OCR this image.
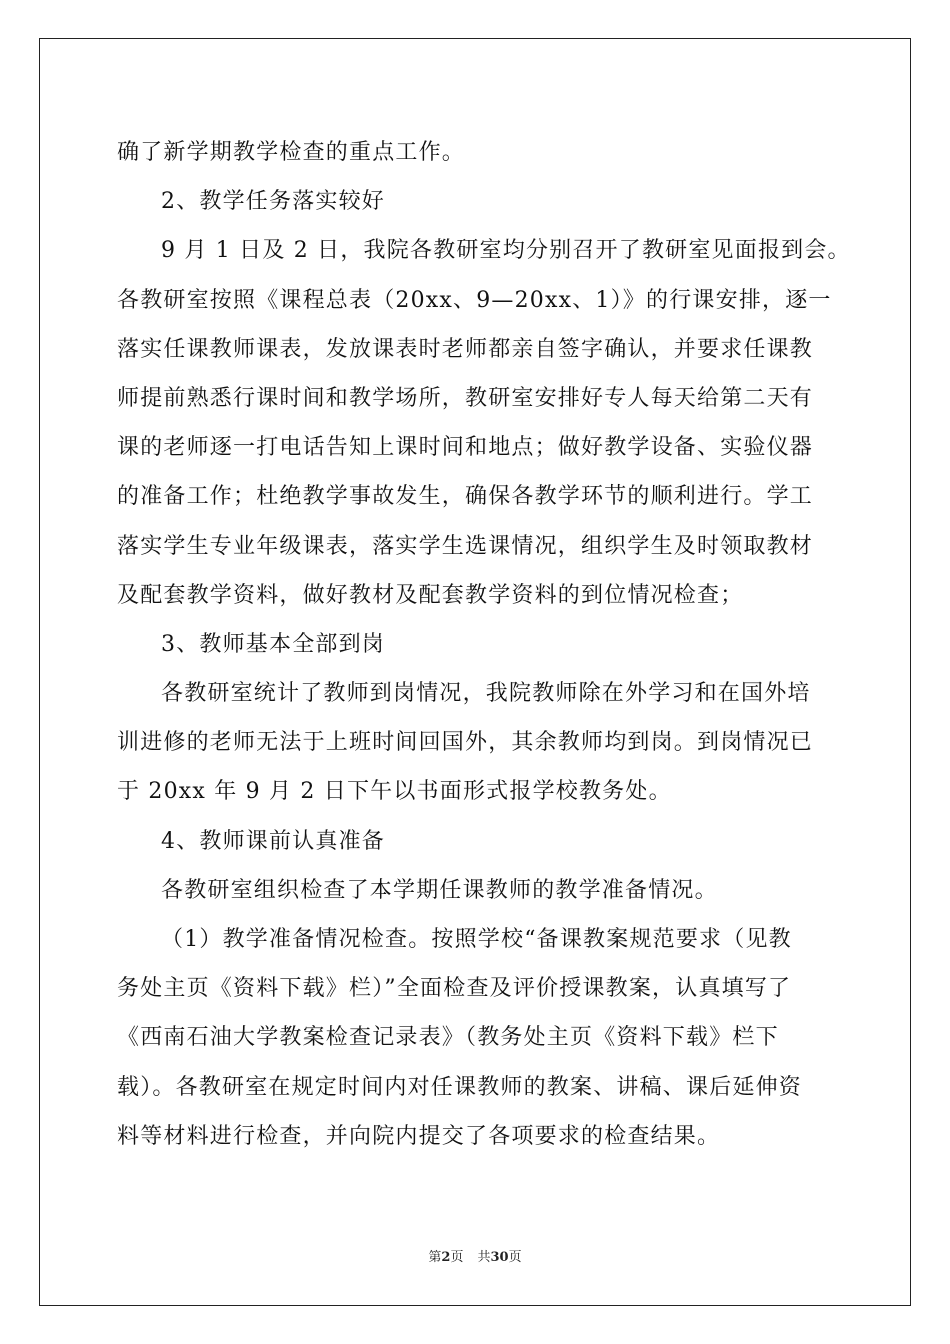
确了新学期教学检查的重点工作。
2、教学任务落实较好
9 月 1 日及 2 日，我院各教研室均分别召开了教研室见面报到会。
各教研室按照《课程总表（20xx、9—20xx、1）》的行课安排，逐一
落实任课教师课表，发放课表时老师都亲自签字确认，并要求任课教
师提前熟悉行课时间和教学场所，教研室安排好专人每天给第二天有
课的老师逐一打电话告知上课时间和地点；做好教学设备、实验仪器
的准备工作；杜绝教学事故发生，确保各教学环节的顺利进行。学工
落实学生专业年级课表，落实学生选课情况，组织学生及时领取教材
及配套教学资料，做好教材及配套教学资料的到位情况检查；
3、教师基本全部到岗
各教研室统计了教师到岗情况，我院教师除在外学习和在国外培
训进修的老师无法于上班时间回国外，其余教师均到岗。到岗情况已
于 20xx 年 9 月 2 日下午以书面形式报学校教务处。
4、教师课前认真准备
各教研室组织检查了本学期任课教师的教学准备情况。
（1）教学准备情况检查。按照学校“备课教案规范要求（见教
务处主页《资料下载》栏）”全面检查及评价授课教案，认真填写了
《西南石油大学教案检查记录表》（教务处主页《资料下载》栏下
载）。各教研室在规定时间内对任课教师的教案、讲稿、课后延伸资
料等材料进行检查，并向院内提交了各项要求的检查结果。
第2页 共30页
